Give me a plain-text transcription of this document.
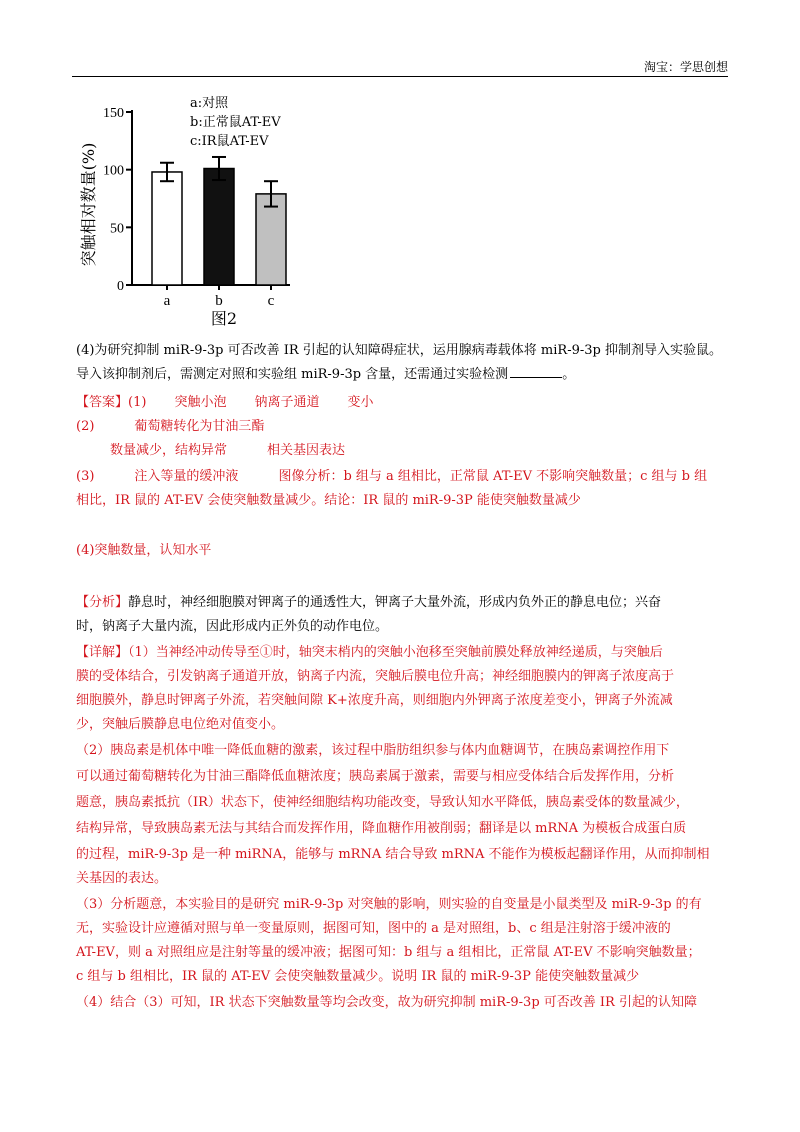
淘宝：学思创想
0
50
100
150
突触相对数量(%)
a	b	c
a:对照
b:正常鼠AT-EV
c:IR鼠AT-EV
图2
(4)为研究抑制 miR-9-3p 可否改善 IR 引起的认知障碍症状，运用腺病毒载体将 miR-9-3p 抑制剂导入实验鼠。
导入该抑制剂后，需测定对照和实验组 miR-9-3p 含量，还需通过实验检测	。
【答案】(1) 突触小泡 钠离子通道 变小
(2)	葡萄糖转化为甘油三酯
数量减少，结构异常	相关基因表达
(3)	注入等量的缓冲液	图像分析：b 组与 a 组相比，正常鼠 AT-EV 不影响突触数量；c 组与 b 组
相比，IR 鼠的 AT-EV 会使突触数量减少。结论：IR 鼠的 miR-9-3P 能使突触数量减少
(4)突触数量，认知水平
【分析】静息时，神经细胞膜对钾离子的通透性大，钾离子大量外流，形成内负外正的静息电位；兴奋
时，钠离子大量内流，因此形成内正外负的动作电位。
【详解】（1）当神经冲动传导至①时，轴突末梢内的突触小泡移至突触前膜处释放神经递质，与突触后
膜的受体结合，引发钠离子通道开放，钠离子内流，突触后膜电位升高；神经细胞膜内的钾离子浓度高于
细胞膜外，静息时钾离子外流，若突触间隙 K+浓度升高，则细胞内外钾离子浓度差变小，钾离子外流减
少，突触后膜静息电位绝对值变小。
（2）胰岛素是机体中唯一降低血糖的激素，该过程中脂肪组织参与体内血糖调节，在胰岛素调控作用下
可以通过葡萄糖转化为甘油三酯降低血糖浓度；胰岛素属于激素，需要与相应受体结合后发挥作用，分析
题意，胰岛素抵抗（IR）状态下，使神经细胞结构功能改变，导致认知水平降低，胰岛素受体的数量减少，
结构异常，导致胰岛素无法与其结合而发挥作用，降血糖作用被削弱；翻译是以 mRNA 为模板合成蛋白质
的过程，miR-9-3p 是一种 miRNA，能够与 mRNA 结合导致 mRNA 不能作为模板起翻译作用，从而抑制相
关基因的表达。
（3）分析题意，本实验目的是研究 miR-9-3p 对突触的影响，则实验的自变量是小鼠类型及 miR-9-3p 的有
无，实验设计应遵循对照与单一变量原则，据图可知，图中的 a 是对照组，b、c 组是注射溶于缓冲液的
AT-EV，则 a 对照组应是注射等量的缓冲液；据图可知：b 组与 a 组相比，正常鼠 AT-EV 不影响突触数量；
c 组与 b 组相比，IR 鼠的 AT-EV 会使突触数量减少。说明 IR 鼠的 miR-9-3P 能使突触数量减少
（4）结合（3）可知，IR 状态下突触数量等均会改变，故为研究抑制 miR-9-3p 可否改善 IR 引起的认知障
